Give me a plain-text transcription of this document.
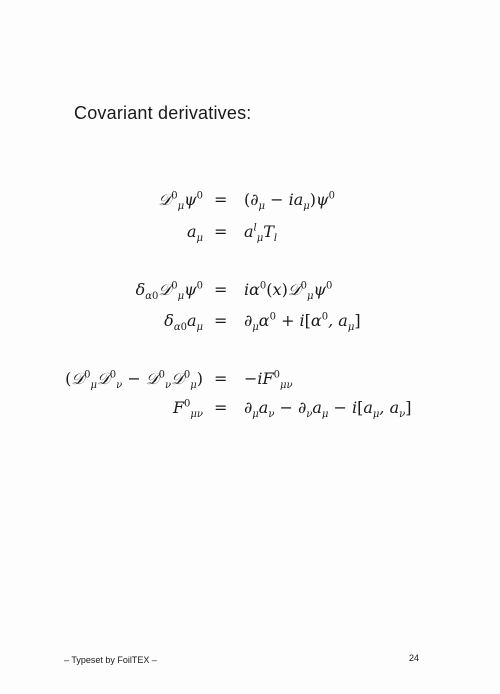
Covariant derivatives:
$𝒟^0_\mu\psi^0 = (\partial_\mu - ia_\mu)\psi^0$
$a_\mu = a^l_\mu T_l$
$\delta_{\alpha 0}𝒟^0_\mu\psi^0$ = $i\alpha^0(x)𝒟^0_\mu\psi^0$
$\delta_{\alpha 0}a_\mu = \partial_\mu\alpha^0 + i[\alpha^0$, $a_\mu$]
(𝒟$^0_\mu$𝒟$^0_\nu$ − 𝒟$^0_\nu$𝒟$^0_\mu$) = $-iF^0_{\mu\nu}$
$F^0_{\mu\nu} = \partial_\mu a_\nu - \partial_\nu a_\mu - i[a_\mu$, $a_\nu$]
– Typeset by FoilTEX –	24
